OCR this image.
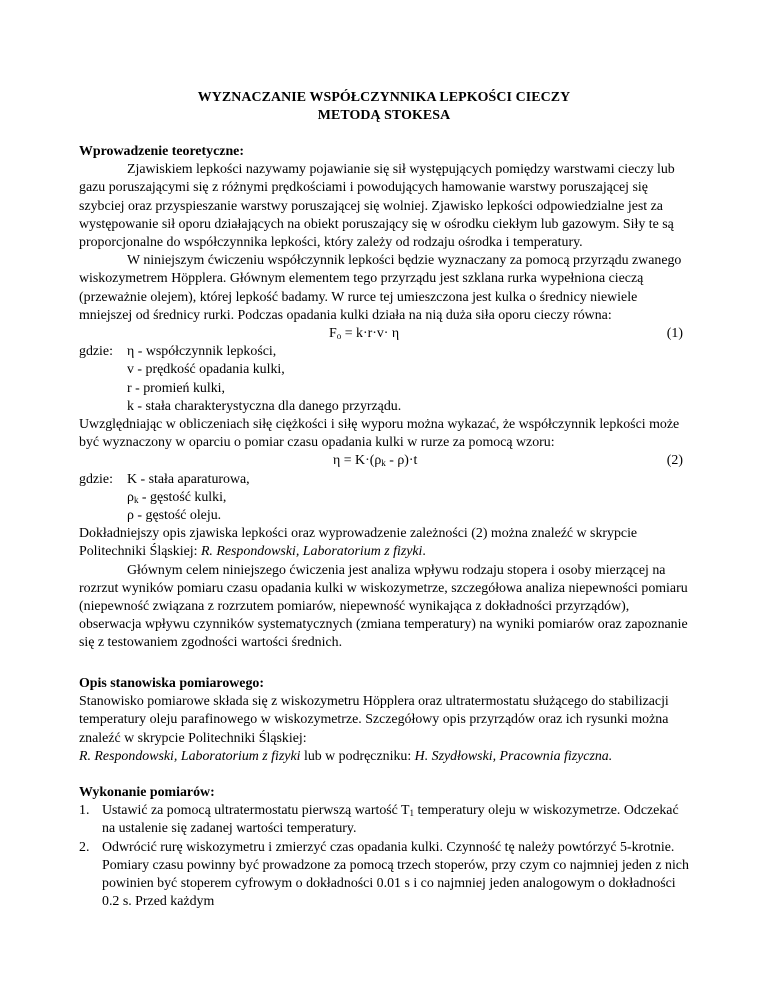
WYZNACZANIE WSPÓŁCZYNNIKA LEPKOŚCI CIECZY
METODĄ STOKESA

Wprowadzenie teoretyczne:

Zjawiskiem lepkości nazywamy pojawianie się sił występujących pomiędzy warstwami cieczy lub gazu poruszającymi się z różnymi prędkościami i powodujących hamowanie warstwy poruszającej się szybciej oraz przyspieszanie warstwy poruszającej się wolniej. Zjawisko lepkości odpowiedzialne jest za występowanie sił oporu działających na obiekt poruszający się w ośrodku ciekłym lub gazowym. Siły te są proporcjonalne do współczynnika lepkości, który zależy od rodzaju ośrodka i temperatury.

W niniejszym ćwiczeniu współczynnik lepkości będzie wyznaczany za pomocą przyrządu zwanego wiskozymetrem Höpplera. Głównym elementem tego przyrządu jest szklana rurka wypełniona cieczą (przeważnie olejem), której lepkość badamy. W rurce tej umieszczona jest kulka o średnicy niewiele mniejszej od średnicy rurki. Podczas opadania kulki działa na nią duża siła oporu cieczy równa:

$F_o = k\cdot r\cdot v\cdot \eta$	(1)

gdzie: η - współczynnik lepkości,

v - prędkość opadania kulki,

r - promień kulki,

k - stała charakterystyczna dla danego przyrządu.

Uwzględniając w obliczeniach siłę ciężkości i siłę wyporu można wykazać, że współczynnik lepkości może być wyznaczony w oparciu o pomiar czasu opadania kulki w rurze za pomocą wzoru:

$\eta = K\cdot(\rho_k - \rho)\cdot t$	(2)

gdzie: K - stała aparaturowa,

$\rho_k$ - gęstość kulki,

ρ - gęstość oleju.

Dokładniejszy opis zjawiska lepkości oraz wyprowadzenie zależności (2) można znaleźć w skrypcie Politechniki Śląskiej: R. Respondowski, Laboratorium z fizyki.

Głównym celem niniejszego ćwiczenia jest analiza wpływu rodzaju stopera i osoby mierzącej na rozrzut wyników pomiaru czasu opadania kulki w wiskozymetrze, szczegółowa analiza niepewności pomiaru (niepewność związana z rozrzutem pomiarów, niepewność wynikająca z dokładności przyrządów), obserwacja wpływu czynników systematycznych (zmiana temperatury) na wyniki pomiarów oraz zapoznanie się z testowaniem zgodności wartości średnich.

Opis stanowiska pomiarowego:

Stanowisko pomiarowe składa się z wiskozymetru Höpplera oraz ultratermostatu służącego do stabilizacji temperatury oleju parafinowego w wiskozymetrze. Szczegółowy opis przyrządów oraz ich rysunki można znaleźć w skrypcie Politechniki Śląskiej:
R. Respondowski, Laboratorium z fizyki lub w podręczniku: H. Szydłowski, Pracownia fizyczna.

Wykonanie pomiarów:

1. Ustawić za pomocą ultratermostatu pierwszą wartość $T_1$ temperatury oleju w wiskozymetrze. Odczekać na ustalenie się zadanej wartości temperatury.
2. Odwrócić rurę wiskozymetru i zmierzyć czas opadania kulki. Czynność tę należy powtórzyć 5-krotnie. Pomiary czasu powinny być prowadzone za pomocą trzech stoperów, przy czym co najmniej jeden z nich powinien być stoperem cyfrowym o dokładności 0.01 s i co najmniej jeden analogowym o dokładności 0.2 s. Przed każdym
